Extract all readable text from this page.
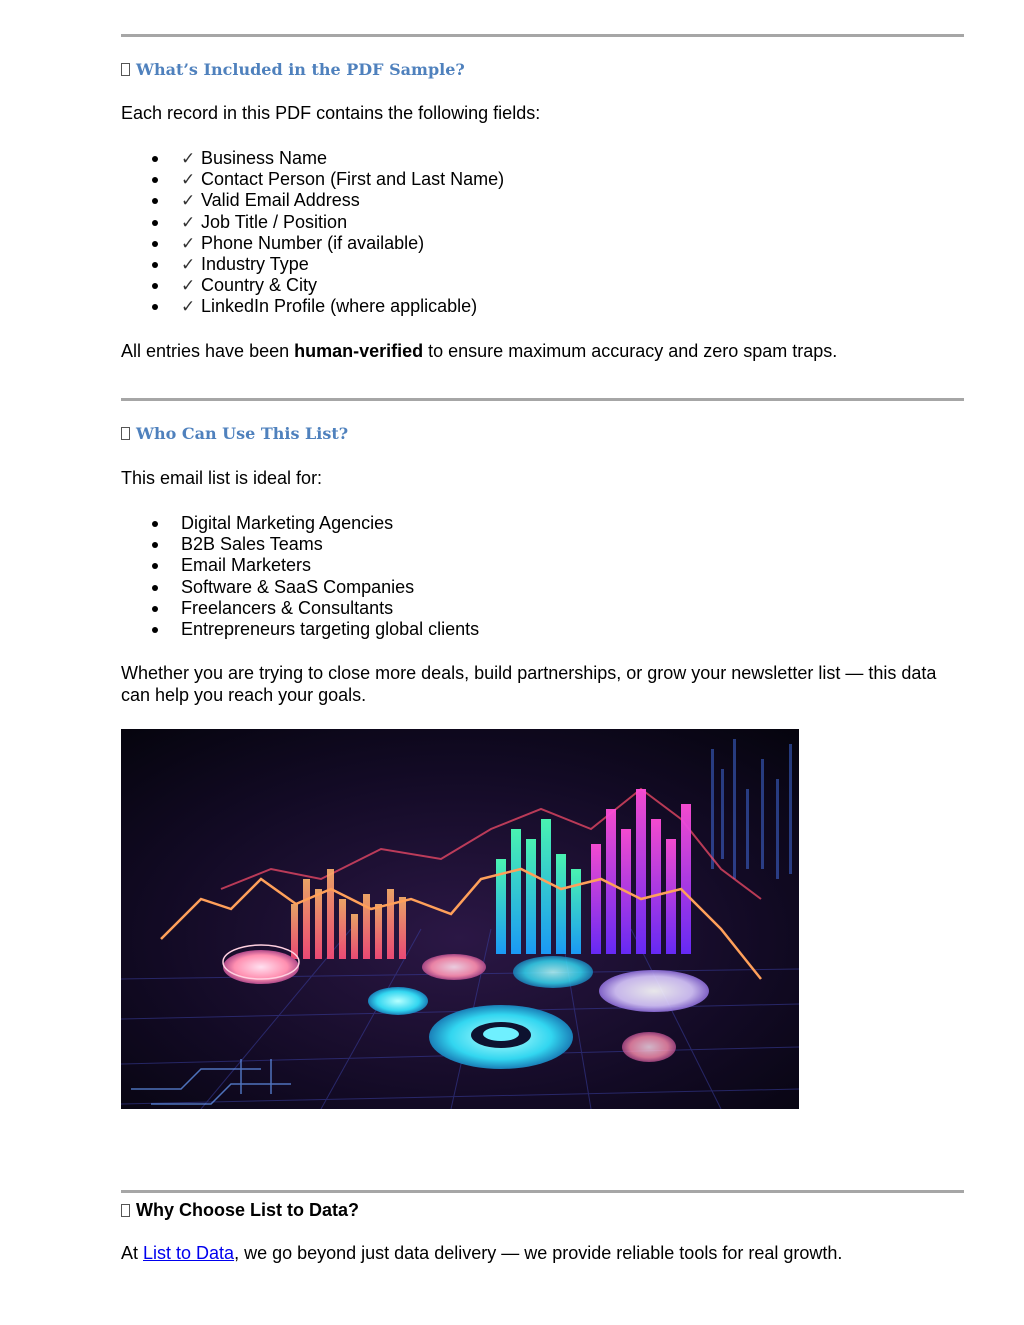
What’s Included in the PDF Sample?

Each record in this PDF contains the following fields:

✓ Business Name
✓ Contact Person (First and Last Name)
✓ Valid Email Address
✓ Job Title / Position
✓ Phone Number (if available)
✓ Industry Type
✓ Country & City
✓ LinkedIn Profile (where applicable)

All entries have been human-verified to ensure maximum accuracy and zero spam traps.

Who Can Use This List?

This email list is ideal for:

Digital Marketing Agencies
B2B Sales Teams
Email Marketers
Software & SaaS Companies
Freelancers & Consultants
Entrepreneurs targeting global clients

Whether you are trying to close more deals, build partnerships, or grow your newsletter list — this data can help you reach your goals.

Why Choose List to Data?

At List to Data, we go beyond just data delivery — we provide reliable tools for real growth.
